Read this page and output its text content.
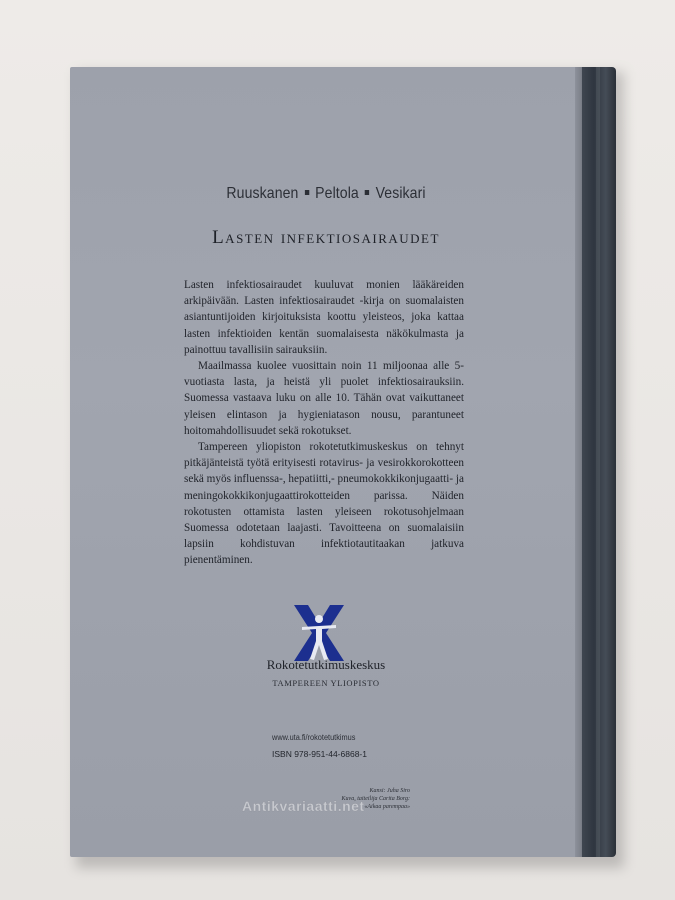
Ruuskanen Peltola Vesikari
Lasten infektiosairaudet

Lasten infektiosairaudet kuuluvat monien lääkäreiden arkipäivään. Lasten infektiosairaudet -kirja on suomalaisten asiantuntijoiden kirjoituksista koottu yleisteos, joka kattaa lasten infektioiden kentän suomalaisesta näkökulmasta ja painottuu tavallisiin sairauksiin.

Maailmassa kuolee vuosittain noin 11 miljoonaa alle 5-vuotiasta lasta, ja heistä yli puolet infektiosairauksiin. Suomessa vastaava luku on alle 10. Tähän ovat vaikuttaneet yleisen elintason ja hygieniatason nousu, parantuneet hoitomahdollisuudet sekä rokotukset.

Tampereen yliopiston rokotetutkimuskeskus on tehnyt pitkäjänteistä työtä erityisesti rotavirus- ja vesirokkorokotteen sekä myös influenssa-, hepatiitti,- pneumokokkikonjugaatti- ja meningokokkikonjugaattirokotteiden parissa. Näiden rokotusten ottamista lasten yleiseen rokotusohjelmaan Suomessa odotetaan laajasti. Tavoitteena on suomalaisiin lapsiin kohdistuvan infektiotautitaakan jatkuva pienentäminen.

Rokotetutkimuskeskus
TAMPEREEN YLIOPISTO
www.uta.fi/rokotetutkimus
ISBN 978-951-44-6868-1
Kansi: Juha Siro
Kuva, taiteilija Carita Borg:
«Aikaa parempaa»
Antikvariaatti.net
